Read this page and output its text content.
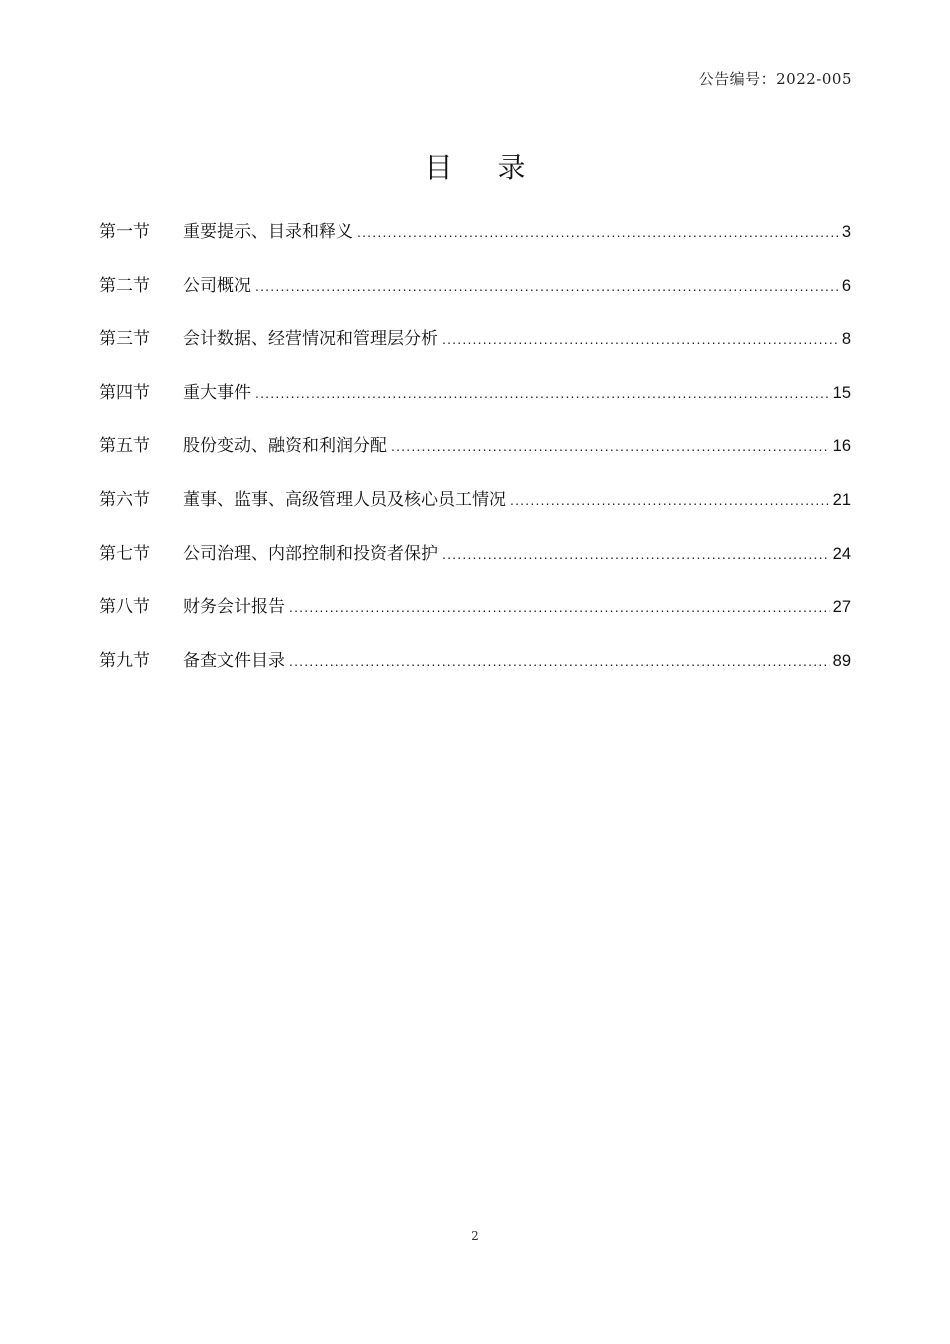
公告编号：2022-005
目 录
第一节	重要提示、目录和释义 .....	3
第二节	公司概况 .....	6
第三节	会计数据、经营情况和管理层分析 .....	8
第四节	重大事件 .....	15
第五节	股份变动、融资和利润分配 .....	16
第六节	董事、监事、高级管理人员及核心员工情况 .....	21
第七节	公司治理、内部控制和投资者保护 .....	24
第八节	财务会计报告 .....	27
第九节	备查文件目录 .....	89
2
